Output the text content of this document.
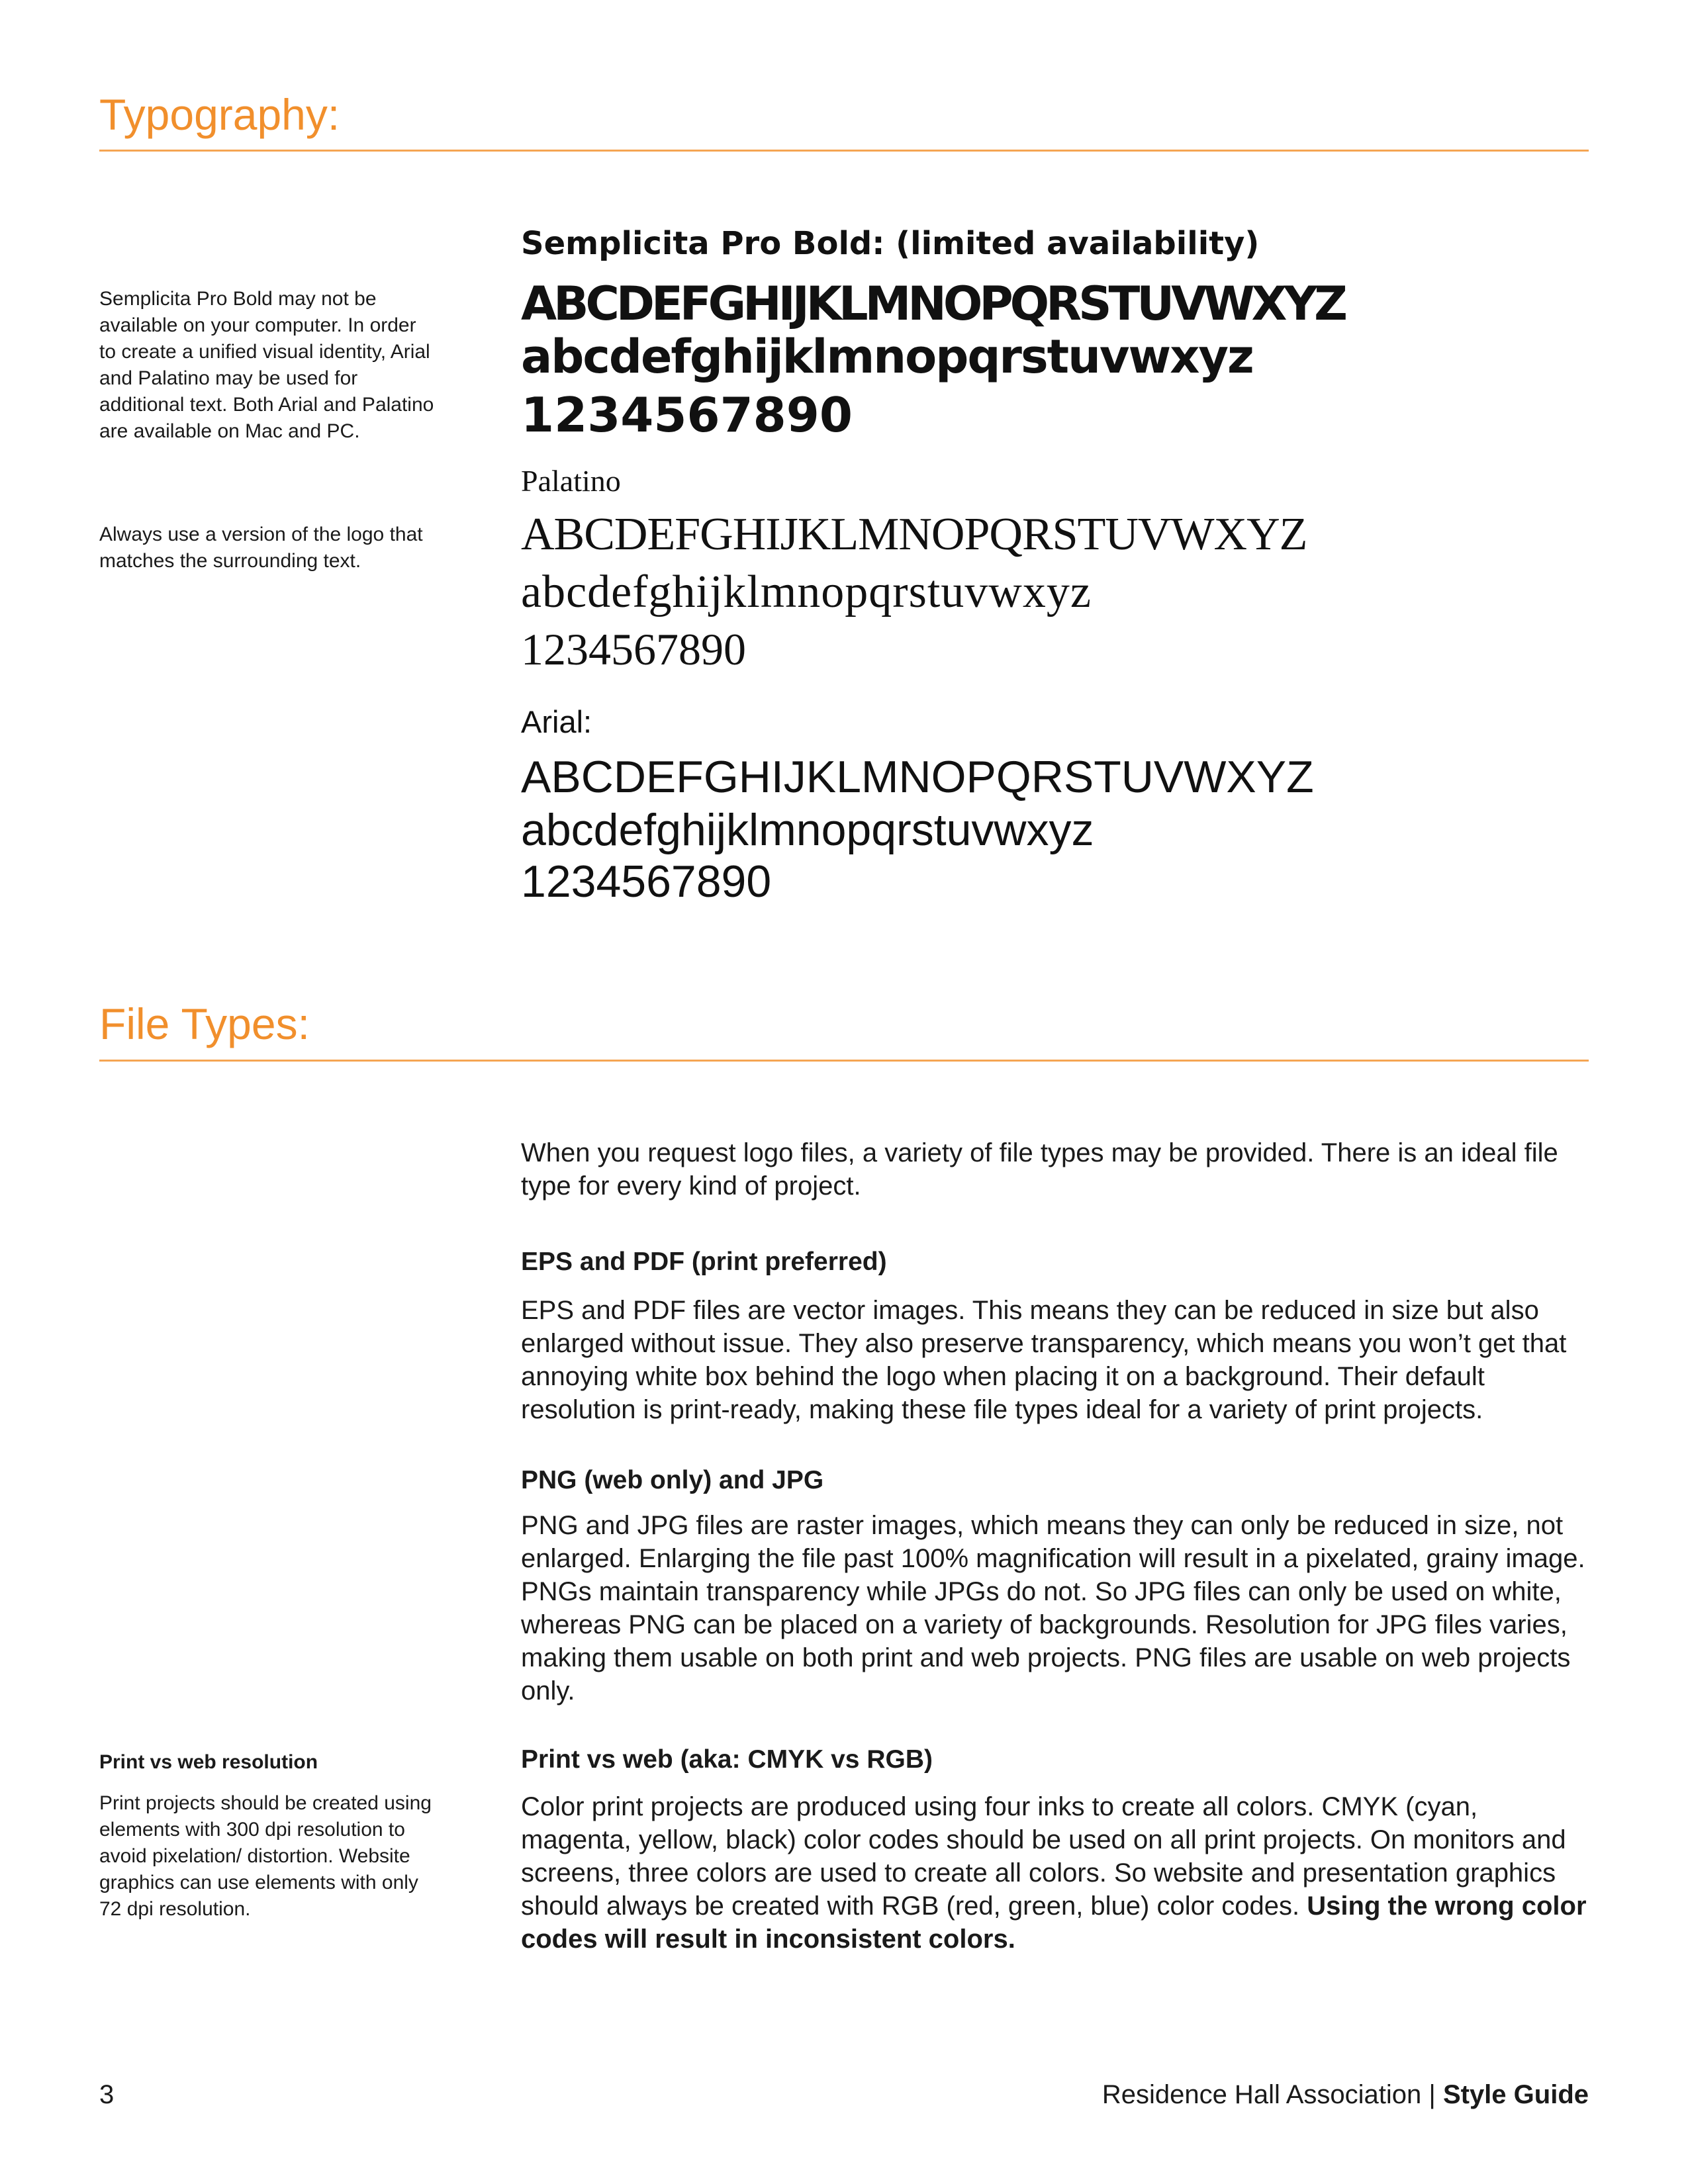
Typography:

Semplicita Pro Bold may not be available on your computer. In order to create a unified visual identity, Arial and Palatino may be used for additional text. Both Arial and Palatino are available on Mac and PC.

Always use a version of the logo that matches the surrounding text.

Semplicita Pro Bold: (limited availability)

ABCDEFGHIJKLMNOPQRSTUVWXYZ

abcdefghijklmnopqrstuvwxyz

1234567890

Palatino

ABCDEFGHIJKLMNOPQRSTUVWXYZ

abcdefghijklmnopqrstuvwxyz

1234567890

Arial:

ABCDEFGHIJKLMNOPQRSTUVWXYZ

abcdefghijklmnopqrstuvwxyz

1234567890

File Types:

When you request logo files, a variety of file types may be provided. There is an ideal file type for every kind of project.

EPS and PDF (print preferred)

EPS and PDF files are vector images. This means they can be reduced in size but also enlarged without issue. They also preserve transparency, which means you won’t get that annoying white box behind the logo when placing it on a background. Their default resolution is print-ready, making these file types ideal for a variety of print projects.

PNG (web only) and JPG

PNG and JPG files are raster images, which means they can only be reduced in size, not enlarged. Enlarging the file past 100% magnification will result in a pixelated, grainy image. PNGs maintain transparency while JPGs do not. So JPG files can only be used on white, whereas PNG can be placed on a variety of backgrounds. Resolution for JPG files varies, making them usable on both print and web projects. PNG files are usable on web projects only.

Print vs web (aka: CMYK vs RGB)

Color print projects are produced using four inks to create all colors. CMYK (cyan, magenta, yellow, black) color codes should be used on all print projects. On monitors and screens, three colors are used to create all colors. So website and presentation graphics should always be created with RGB (red, green, blue) color codes. Using the wrong color codes will result in inconsistent colors.

Print vs web resolution

Print projects should be created using elements with 300 dpi resolution to avoid pixelation/ distortion. Website graphics can use elements with only 72 dpi resolution.

3	Residence Hall Association | Style Guide
